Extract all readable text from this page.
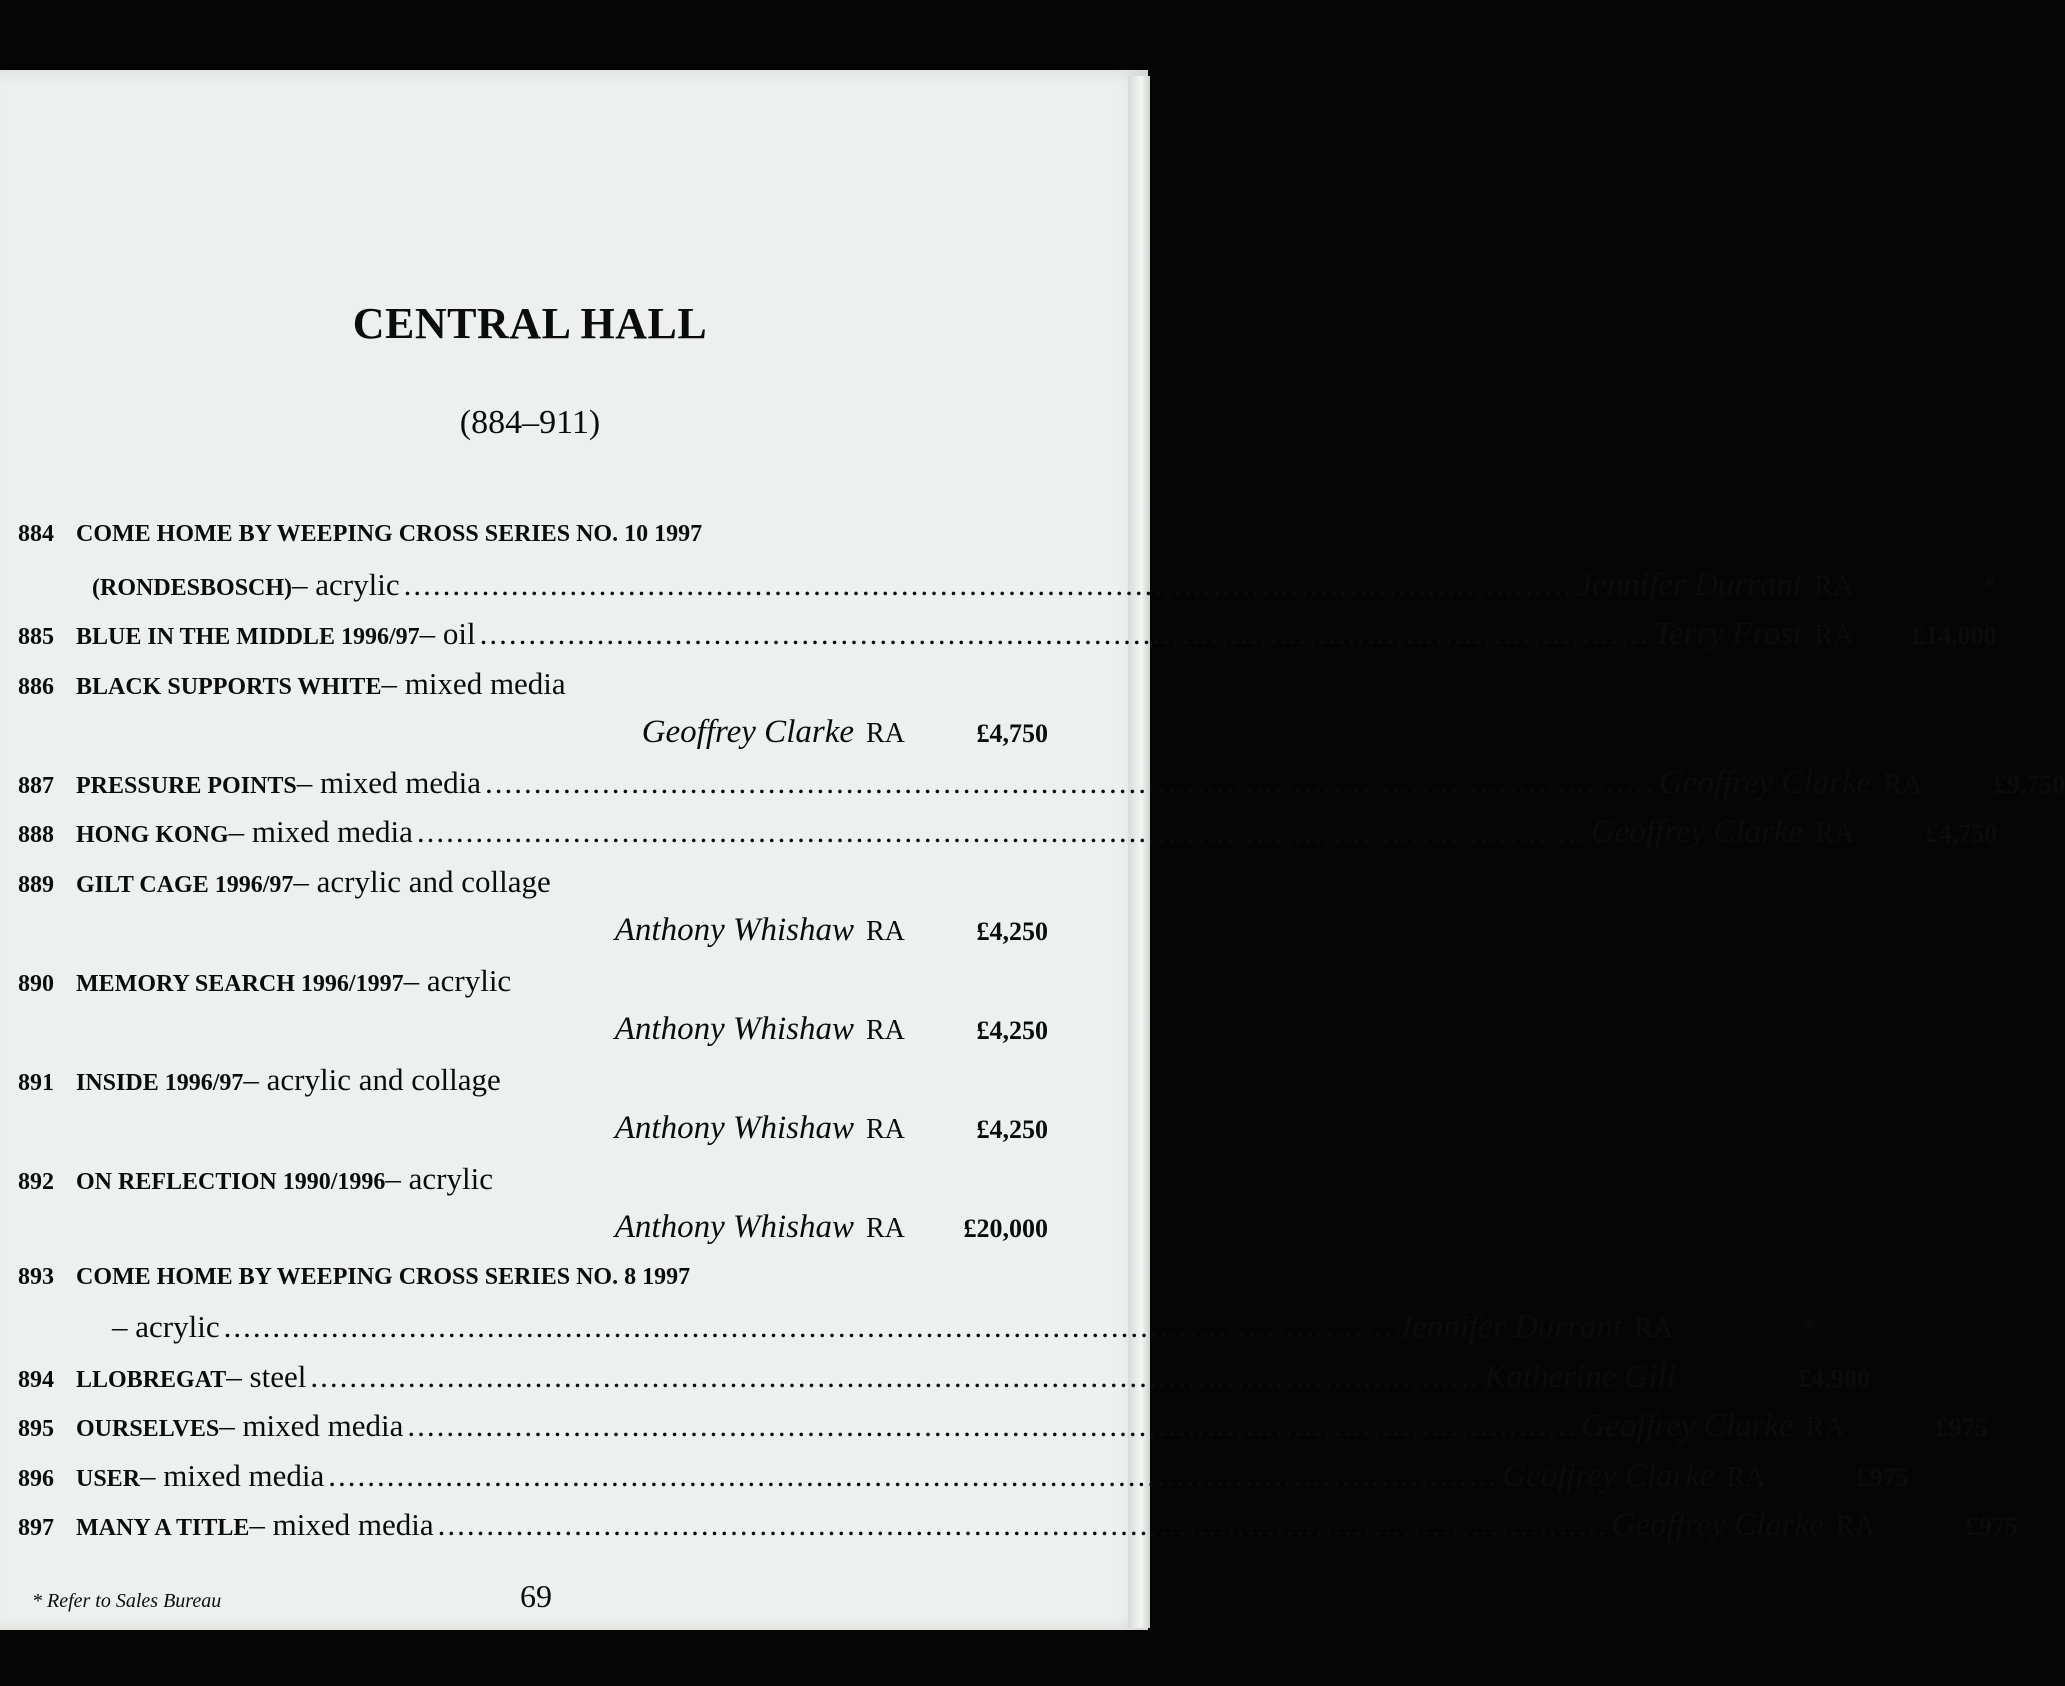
CENTRAL HALL
(884–911)
884 COME HOME BY WEEPING CROSS SERIES NO. 10 1997
(RONDESBOSCH) – acrylic ........................................................................................................................ Jennifer Durrant RA	*
885 BLUE IN THE MIDDLE 1996/97 – oil ........................................................................................................................ Terry Frost RA	£14,000
886 BLACK SUPPORTS WHITE – mixed media
Geoffrey Clarke RA	£4,750
887 PRESSURE POINTS – mixed media ........................................................................................................................ Geoffrey Clarke RA	£9,750
888 HONG KONG – mixed media ........................................................................................................................ Geoffrey Clarke RA	£4,750
889 GILT CAGE 1996/97 – acrylic and collage
Anthony Whishaw RA	£4,250
890 MEMORY SEARCH 1996/1997 – acrylic
Anthony Whishaw RA	£4,250
891 INSIDE 1996/97 – acrylic and collage
Anthony Whishaw RA	£4,250
892 ON REFLECTION 1990/1996 – acrylic
Anthony Whishaw RA	£20,000
893 COME HOME BY WEEPING CROSS SERIES NO. 8 1997
– acrylic ........................................................................................................................ Jennifer Durrant RA	*
894 LLOBREGAT – steel ........................................................................................................................ Katherine Gili	£4,900
895 OURSELVES – mixed media ........................................................................................................................ Geoffrey Clarke RA	£975
896 USER – mixed media ........................................................................................................................ Geoffrey Clarke RA	£975
897 MANY A TITLE – mixed media ........................................................................................................................ Geoffrey Clarke RA	£975
* Refer to Sales Bureau	69
